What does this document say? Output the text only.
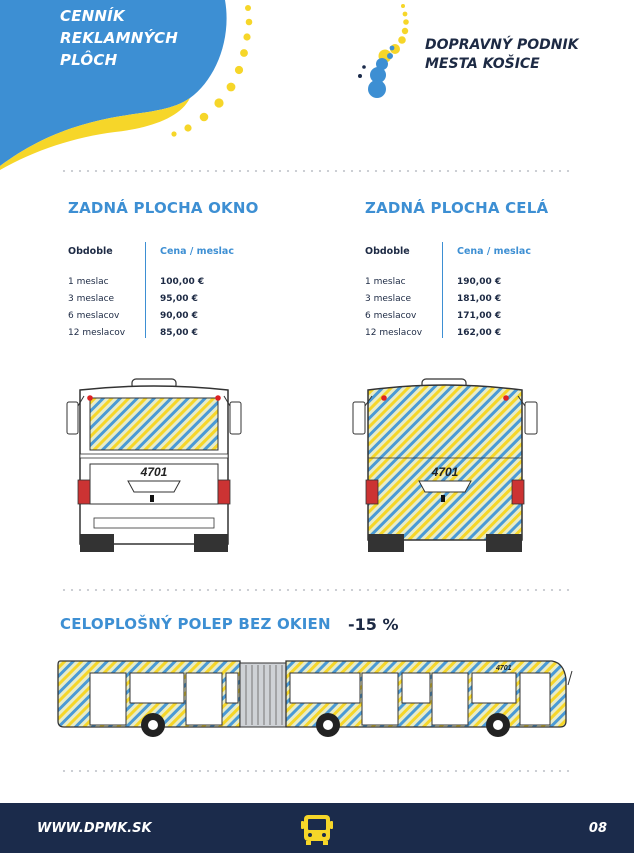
CENNÍK
REKLAMNÝCH
PLÔCH
DOPRAVNÝ PODNIK
MESTA KOŠICE
ZADNÁ PLOCHA OKNO
Obdoble	Cena / meslac
1 meslac	100,00 €
3 meslace	95,00 €
6 meslacov	90,00 €
12 meslacov	85,00 €
ZADNÁ PLOCHA CELÁ
Obdoble	Cena / meslac
1 meslac	190,00 €
3 meslace	181,00 €
6 meslacov	171,00 €
12 meslacov	162,00 €
4701	4701
CELOPLOŠNÝ POLEP BEZ OKIEN -15 %
4701
WWW.DPMK.SK	08
